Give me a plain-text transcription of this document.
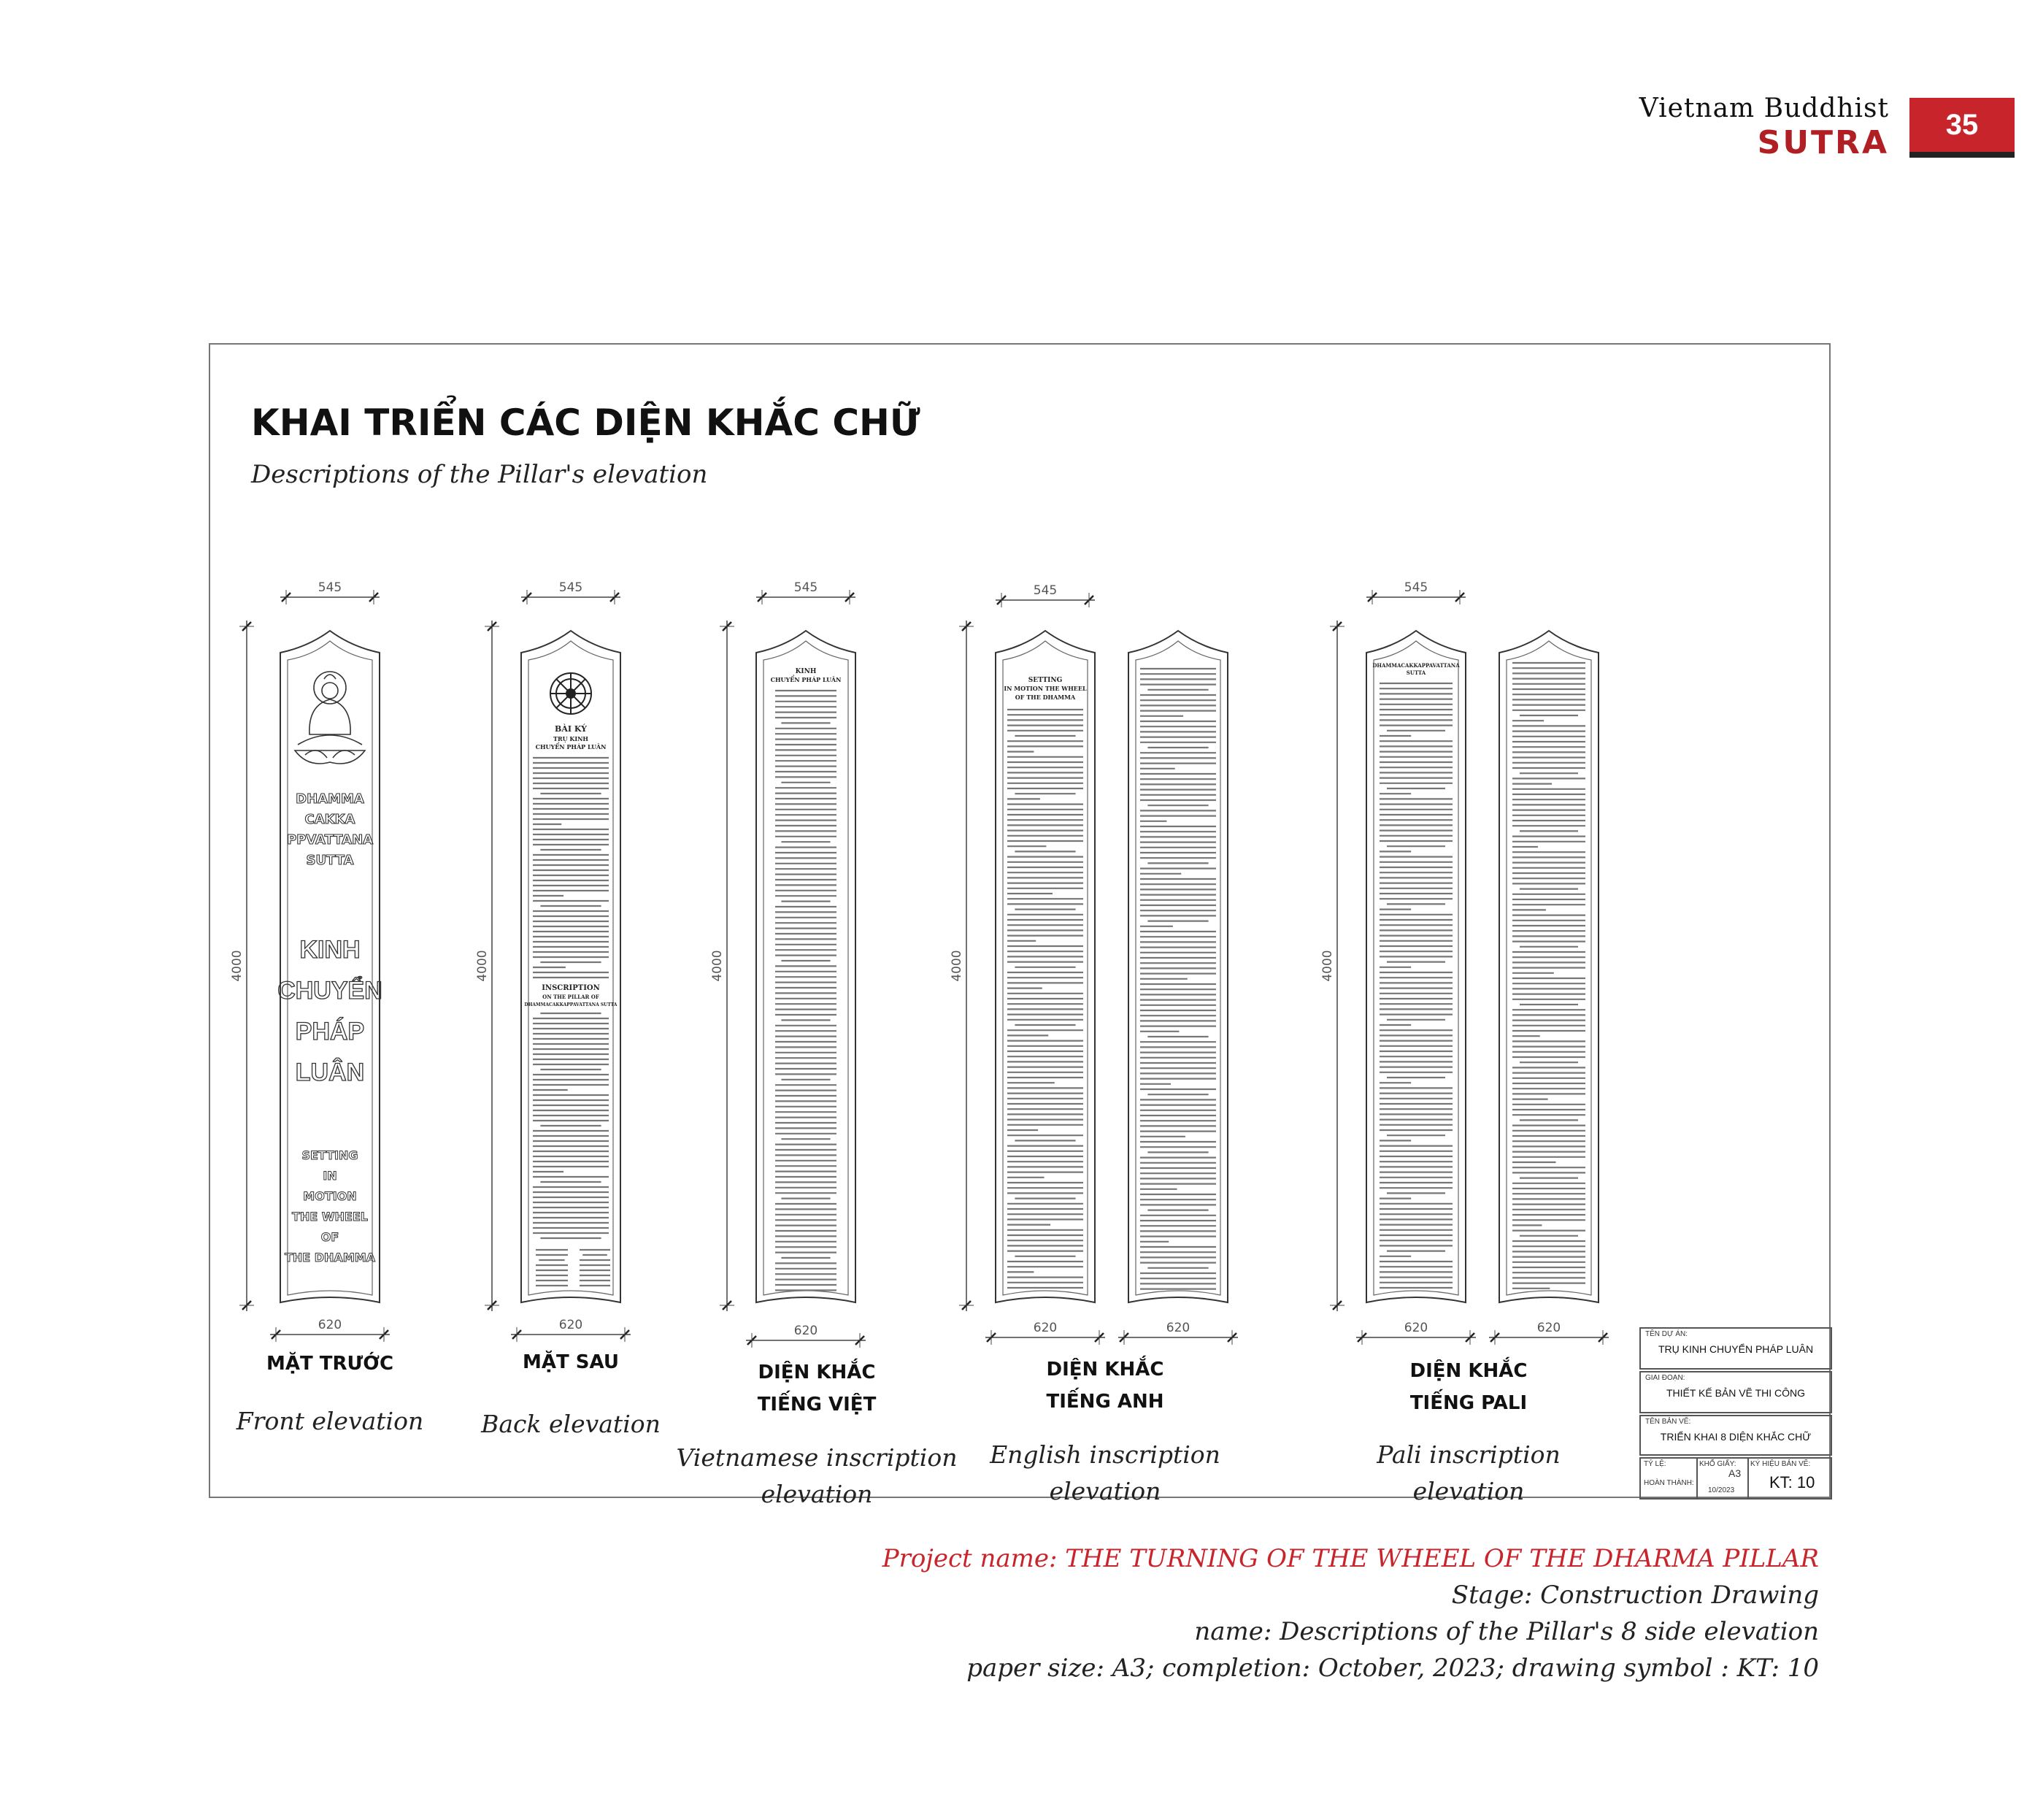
Vietnam Buddhist
SUTRA	35
KHAI TRIỂN CÁC DIỆN KHẮC CHỮ
Descriptions of the Pillar's elevation
545
620
4000
DHAMMA
CAKKA
PPVATTANA
SUTTA
KINH
CHUYỂN
PHÁP
LUÂN
SETTING
IN
MOTION
THE WHEEL
OF
THE DHAMMA
545
620
4000
BÀI KÝ
TRỤ KINH
CHUYỂN PHÁP LUÂN
INSCRIPTION
ON THE PILLAR OF
DHAMMACAKKAPPAVATTANA SUTTA
545
620
4000
KINH
CHUYỂN PHÁP LUÂN
545
620	620
4000
SETTING
IN MOTION THE WHEEL
OF THE DHAMMA
545
620	620
4000
DHAMMACAKKAPPAVATTANA
SUTTA
MẶT TRƯỚC
Front elevation
MẶT SAU
Back elevation
DIỆN KHẮC
TIẾNG VIỆT
Vietnamese inscription
elevation
DIỆN KHẮC
TIẾNG ANH
English inscription
elevation
DIỆN KHẮC
TIẾNG PALI
Pali inscription
elevation
TÊN DỰ ÁN:
TRỤ KINH CHUYỂN PHÁP LUÂN
GIAI ĐOẠN:
THIẾT KẾ BẢN VẼ THI CÔNG
TÊN BẢN VẼ:
TRIỂN KHAI 8 DIỆN KHẮC CHỮ
TỶ LỆ:
HOÀN THÀNH:
KHỔ GIẤY:
A3
10/2023
KÝ HIỆU BẢN VẼ:
KT: 10
Project name: THE TURNING OF THE WHEEL OF THE DHARMA PILLAR
Stage: Construction Drawing
name: Descriptions of the Pillar's 8 side elevation
paper size: A3; completion: October, 2023; drawing symbol : KT: 10
